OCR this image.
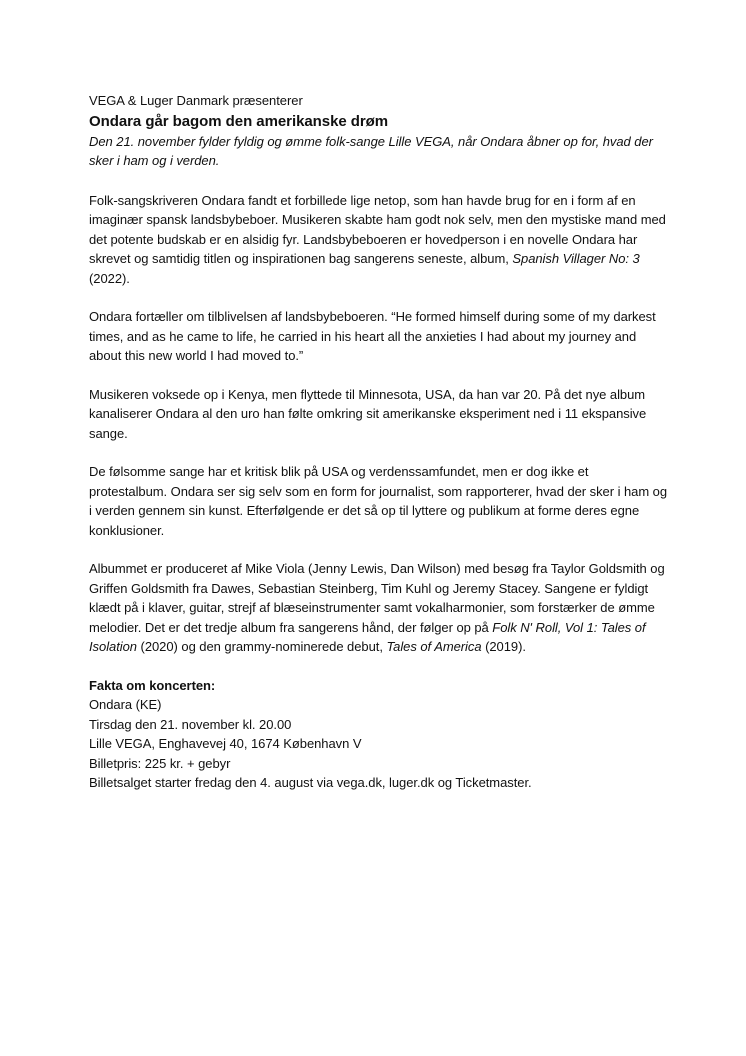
VEGA & Luger Danmark præsenterer

Ondara går bagom den amerikanske drøm

Den 21. november fylder fyldig og ømme folk-sange Lille VEGA, når Ondara åbner op for, hvad der sker i ham og i verden.

Folk-sangskriveren Ondara fandt et forbillede lige netop, som han havde brug for en i form af en imaginær spansk landsbybeboer. Musikeren skabte ham godt nok selv, men den mystiske mand med det potente budskab er en alsidig fyr. Landsbybeboeren er hovedperson i en novelle Ondara har skrevet og samtidig titlen og inspirationen bag sangerens seneste, album, Spanish Villager No: 3 (2022).

Ondara fortæller om tilblivelsen af landsbybeboeren. “He formed himself during some of my darkest times, and as he came to life, he carried in his heart all the anxieties I had about my journey and about this new world I had moved to.”

Musikeren voksede op i Kenya, men flyttede til Minnesota, USA, da han var 20. På det nye album kanaliserer Ondara al den uro han følte omkring sit amerikanske eksperiment ned i 11 ekspansive sange.

De følsomme sange har et kritisk blik på USA og verdenssamfundet, men er dog ikke et protestalbum. Ondara ser sig selv som en form for journalist, som rapporterer, hvad der sker i ham og i verden gennem sin kunst. Efterfølgende er det så op til lyttere og publikum at forme deres egne konklusioner.

Albummet er produceret af Mike Viola (Jenny Lewis, Dan Wilson) med besøg fra Taylor Goldsmith og Griffen Goldsmith fra Dawes, Sebastian Steinberg, Tim Kuhl og Jeremy Stacey. Sangene er fyldigt klædt på i klaver, guitar, strejf af blæseinstrumenter samt vokalharmonier, som forstærker de ømme melodier. Det er det tredje album fra sangerens hånd, der følger op på Folk N' Roll, Vol 1: Tales of Isolation (2020) og den grammy-nominerede debut, Tales of America (2019).

Fakta om koncerten:

Ondara (KE)

Tirsdag den 21. november kl. 20.00

Lille VEGA, Enghavevej 40, 1674 København V

Billetpris: 225 kr. + gebyr

Billetsalget starter fredag den 4. august via vega.dk, luger.dk og Ticketmaster.
